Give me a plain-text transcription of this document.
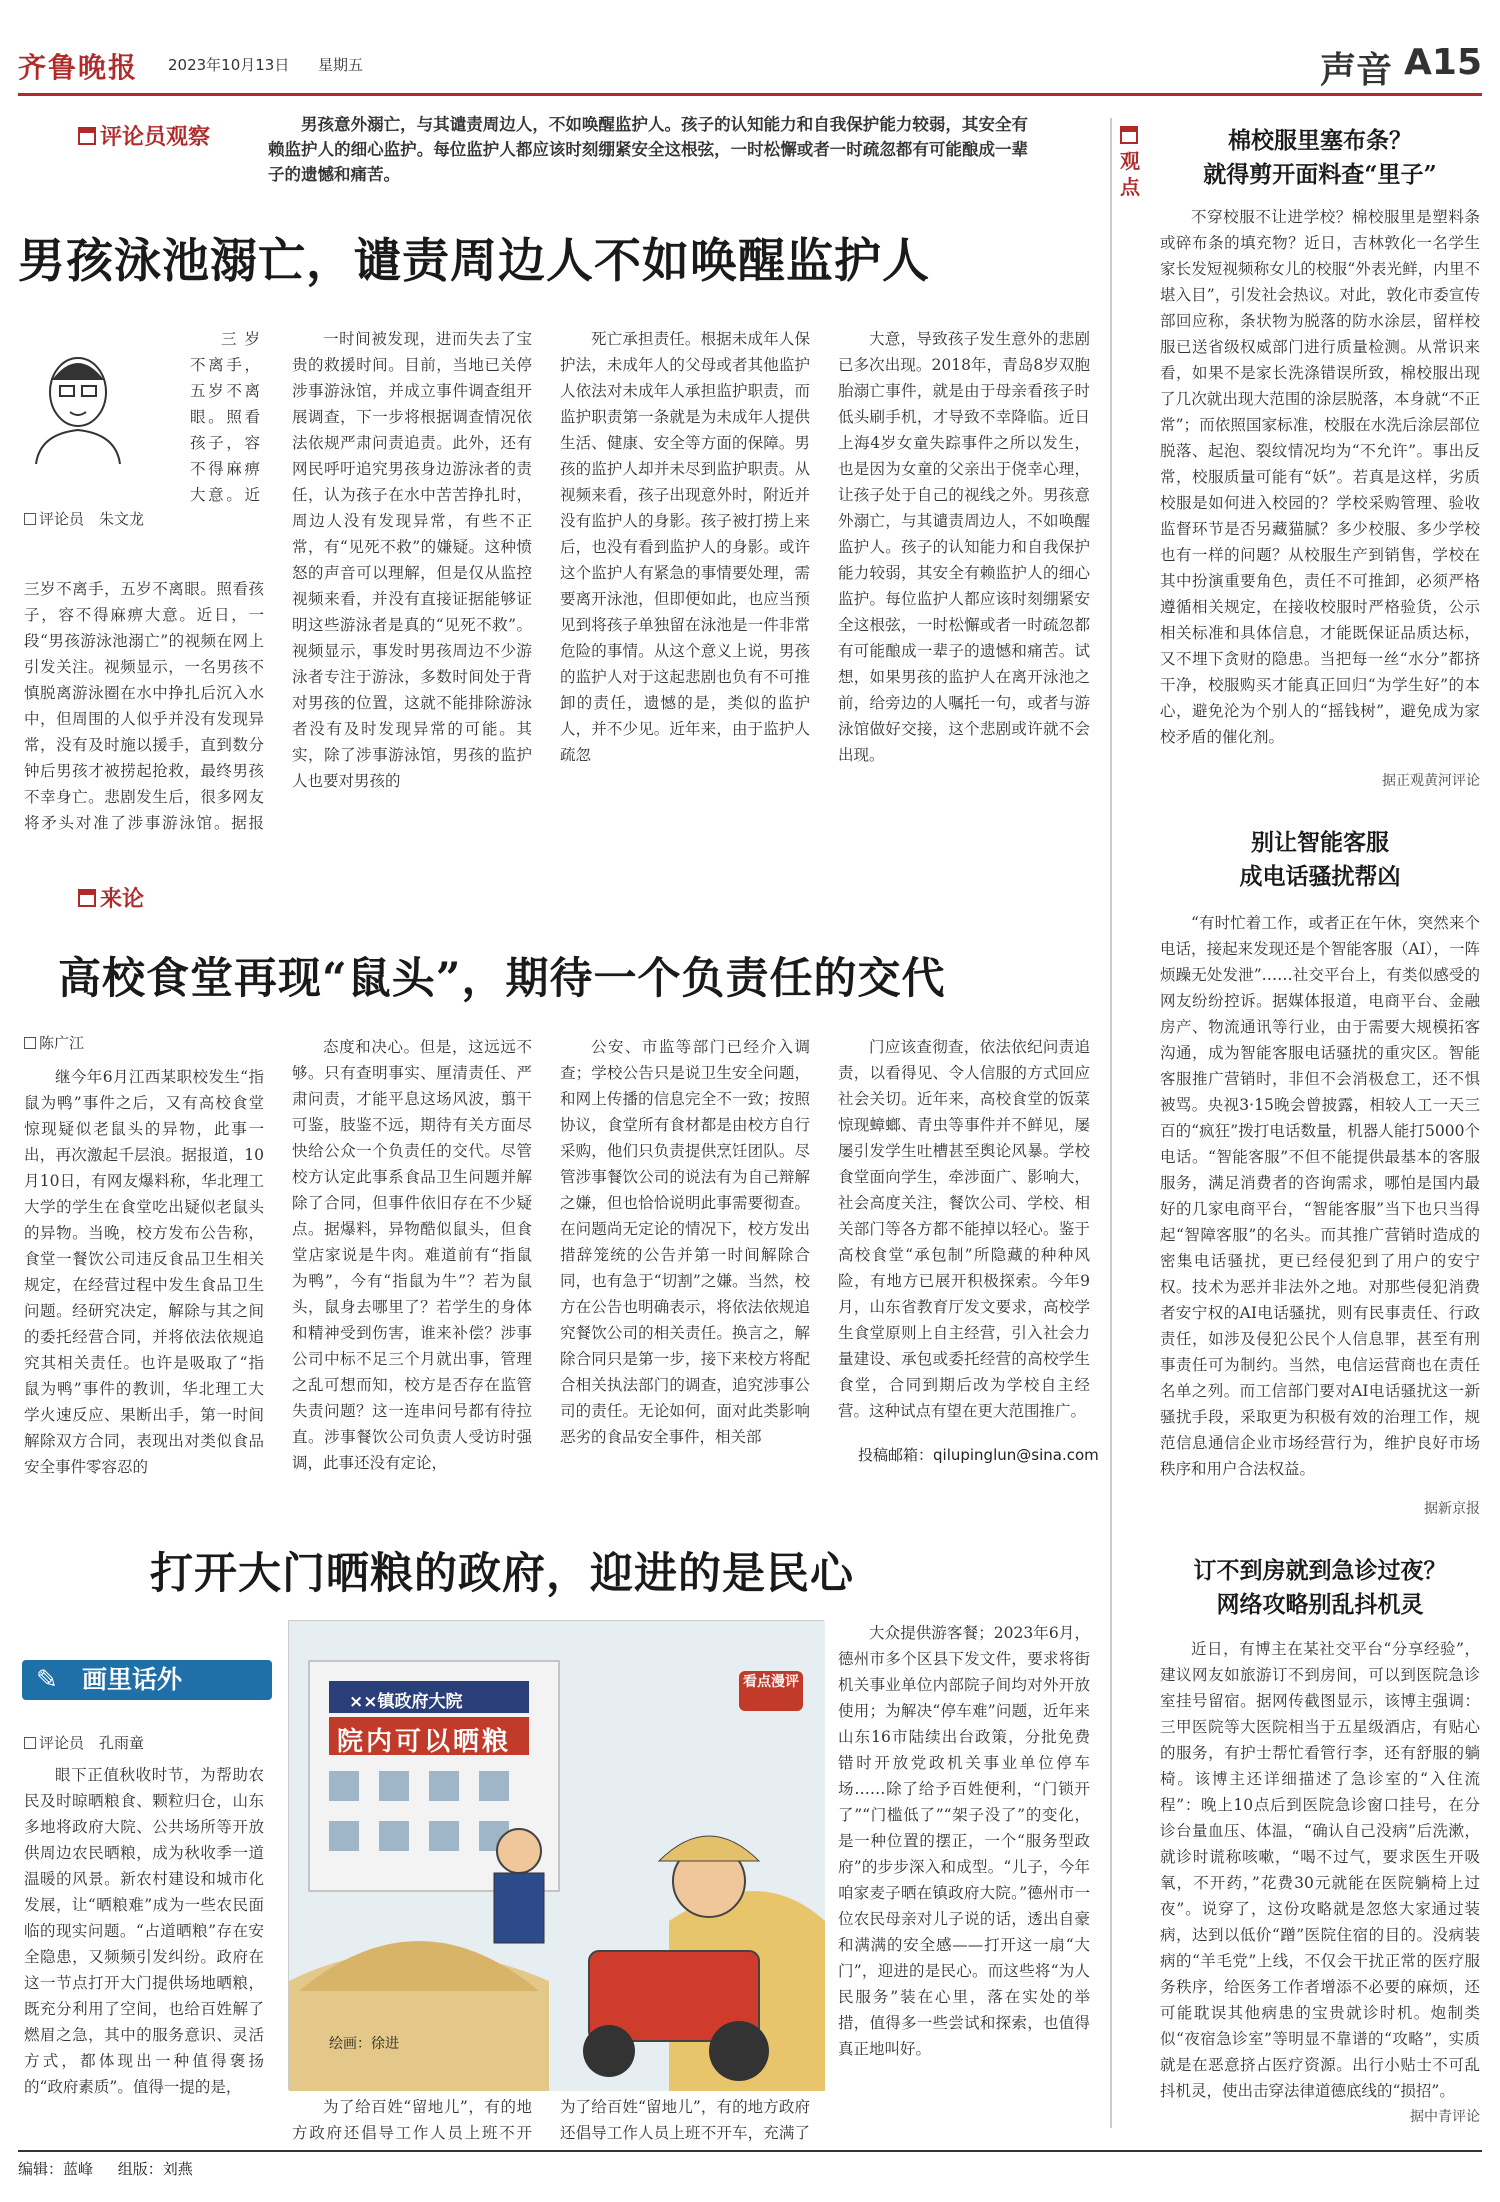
齐鲁晚报 2023年10月13日 星期五	声音 A15
评论员观察
男孩意外溺亡，与其谴责周边人，不如唤醒监护人。孩子的认知能力和自我保护能力较弱，其安全有赖监护人的细心监护。每位监护人都应该时刻绷紧安全这根弦，一时松懈或者一时疏忽都有可能酿成一辈子的遗憾和痛苦。
男孩泳池溺亡，谴责周边人不如唤醒监护人
评论员　朱文龙

三岁不离手，五岁不离眼。照看孩子，容不得麻痹大意。近

一时间被发现，进而失去了宝贵的救援时间。目前，当地已关停涉事游泳馆，并成立事件调查组开展调查，下一步将根据调查情况依法依规严肃问责追责。此外，还有网民呼吁追究男孩身边游泳者的责任，认为孩子在水中苦苦挣扎时，周边人没有发现异常，有些不正常，有“见死不救”的嫌疑。这种愤怒的声音可以理解，但是仅从监控视频来看，并没有直接证据能够证明这些游泳者是真的“见死不救”。视频显示，事发时男孩周边不少游泳者专注于游泳，多数时间处于背对男孩的位置，这就不能排除游泳者没有及时发现异常的可能。其实，除了涉事游泳馆，男孩的监护人也要对男孩的

死亡承担责任。根据未成年人保护法，未成年人的父母或者其他监护人依法对未成年人承担监护职责，而监护职责第一条就是为未成年人提供生活、健康、安全等方面的保障。男孩的监护人却并未尽到监护职责。从视频来看，孩子出现意外时，附近并没有监护人的身影。孩子被打捞上来后，也没有看到监护人的身影。或许这个监护人有紧急的事情要处理，需要离开泳池，但即便如此，也应当预见到将孩子单独留在泳池是一件非常危险的事情。从这个意义上说，男孩的监护人对于这起悲剧也负有不可推卸的责任，遗憾的是，类似的监护人，并不少见。近年来，由于监护人疏忽

大意，导致孩子发生意外的悲剧已多次出现。2018年，青岛8岁双胞胎溺亡事件，就是由于母亲看孩子时低头刷手机，才导致不幸降临。近日上海4岁女童失踪事件之所以发生，也是因为女童的父亲出于侥幸心理，让孩子处于自己的视线之外。男孩意外溺亡，与其谴责周边人，不如唤醒监护人。孩子的认知能力和自我保护能力较弱，其安全有赖监护人的细心监护。每位监护人都应该时刻绷紧安全这根弦，一时松懈或者一时疏忽都有可能酿成一辈子的遗憾和痛苦。试想，如果男孩的监护人在离开泳池之前，给旁边的人嘱托一句，或者与游泳馆做好交接，这个悲剧或许就不会出现。

三岁不离手，五岁不离眼。照看孩子，容不得麻痹大意。近日，一段“男孩游泳池溺亡”的视频在网上引发关注。视频显示，一名男孩不慎脱离游泳圈在水中挣扎后沉入水中，但周围的人似乎并没有发现异常，没有及时施以援手，直到数分钟后男孩才被捞起抢救，最终男孩不幸身亡。悲剧发生后，很多网友将矛头对准了涉事游泳馆。据报

来论
高校食堂再现“鼠头”，期待一个负责任的交代
陈广江

继今年6月江西某职校发生“指鼠为鸭”事件之后，又有高校食堂惊现疑似老鼠头的异物，此事一出，再次激起千层浪。据报道，10月10日，有网友爆料称，华北理工大学的学生在食堂吃出疑似老鼠头的异物。当晚，校方发布公告称，食堂一餐饮公司违反食品卫生相关规定，在经营过程中发生食品卫生问题。经研究决定，解除与其之间的委托经营合同，并将依法依规追究其相关责任。也许是吸取了“指鼠为鸭”事件的教训，华北理工大学火速反应、果断出手，第一时间解除双方合同，表现出对类似食品安全事件零容忍的

态度和决心。但是，这远远不够。只有查明事实、厘清责任、严肃问责，才能平息这场风波，翦干可鉴，肢鉴不远，期待有关方面尽快给公众一个负责任的交代。尽管校方认定此事系食品卫生问题并解除了合同，但事件依旧存在不少疑点。据爆料，异物酷似鼠头，但食堂店家说是牛肉。难道前有“指鼠为鸭”，今有“指鼠为牛”？若为鼠头，鼠身去哪里了？若学生的身体和精神受到伤害，谁来补偿？涉事公司中标不足三个月就出事，管理之乱可想而知，校方是否存在监管失责问题？这一连串问号都有待拉直。涉事餐饮公司负责人受访时强调，此事还没有定论，

公安、市监等部门已经介入调查；学校公告只是说卫生安全问题，和网上传播的信息完全不一致；按照协议，食堂所有食材都是由校方自行采购，他们只负责提供烹饪团队。尽管涉事餐饮公司的说法有为自己辩解之嫌，但也恰恰说明此事需要彻查。在问题尚无定论的情况下，校方发出措辞笼统的公告并第一时间解除合同，也有急于“切割”之嫌。当然，校方在公告也明确表示，将依法依规追究餐饮公司的相关责任。换言之，解除合同只是第一步，接下来校方将配合相关执法部门的调查，追究涉事公司的责任。无论如何，面对此类影响恶劣的食品安全事件，相关部

门应该查彻查，依法依纪问责追责，以看得见、令人信服的方式回应社会关切。近年来，高校食堂的饭菜惊现蟑螂、青虫等事件并不鲜见，屡屡引发学生吐槽甚至舆论风暴。学校食堂面向学生，牵涉面广、影响大，社会高度关注，餐饮公司、学校、相关部门等各方都不能掉以轻心。鉴于高校食堂“承包制”所隐藏的种种风险，有地方已展开积极探索。今年9月，山东省教育厅发文要求，高校学生食堂原则上自主经营，引入社会力量建设、承包或委托经营的高校学生食堂，合同到期后改为学校自主经营。这种试点有望在更大范围推广。

投稿邮箱：qilupinglun@sina.com
打开大门晒粮的政府，迎进的是民心
✎ 画里话外
评论员　孔雨童

眼下正值秋收时节，为帮助农民及时晾晒粮食、颗粒归仓，山东多地将政府大院、公共场所等开放供周边农民晒粮，成为秋收季一道温暖的风景。新农村建设和城市化发展，让“晒粮难”成为一些农民面临的现实问题。“占道晒粮”存在安全隐患，又频频引发纠纷。政府在这一节点打开大门提供场地晒粮，既充分利用了空间，也给百姓解了燃眉之急，其中的服务意识、灵活方式，都体现出一种值得褒扬的“政府素质”。值得一提的是，

××镇政府大院
院内可以晒粮
看点漫评
绘画：徐进

为了给百姓“留地儿”，有的地方政府还倡导工作人员上班不开

为了给百姓“留地儿”，有的地方政府还倡导工作人员上班不开车，充满了

大众提供游客餐；2023年6月，德州市多个区县下发文件，要求将街机关事业单位内部院子间均对外开放使用；为解决“停车难”问题，近年来山东16市陆续出台政策，分批免费错时开放党政机关事业单位停车场……除了给予百姓便利，“门锁开了”“门槛低了”“架子没了”的变化，是一种位置的摆正，一个“服务型政府”的步步深入和成型。“儿子，今年咱家麦子晒在镇政府大院。”德州市一位农民母亲对儿子说的话，透出自豪和满满的安全感——打开这一扇“大门”，迎进的是民心。而这些将“为人民服务”装在心里，落在实处的举措，值得多一些尝试和探索，也值得真正地叫好。

观点
棉校服里塞布条？
就得剪开面料查“里子”

不穿校服不让进学校？棉校服里是塑料条或碎布条的填充物？近日，吉林敦化一名学生家长发短视频称女儿的校服“外表光鲜，内里不堪入目”，引发社会热议。对此，敦化市委宣传部回应称，条状物为脱落的防水涂层，留样校服已送省级权威部门进行质量检测。从常识来看，如果不是家长洗涤错误所致，棉校服出现了几次就出现大范围的涂层脱落，本身就“不正常”；而依照国家标准，校服在水洗后涂层部位脱落、起泡、裂纹情况均为“不允许”。事出反常，校服质量可能有“妖”。若真是这样，劣质校服是如何进入校园的？学校采购管理、验收监督环节是否另藏猫腻？多少校服、多少学校也有一样的问题？从校服生产到销售，学校在其中扮演重要角色，责任不可推卸，必须严格遵循相关规定，在接收校服时严格验货，公示相关标准和具体信息，才能既保证品质达标，又不埋下贪财的隐患。当把每一丝“水分”都挤干净，校服购买才能真正回归“为学生好”的本心，避免沦为个别人的“摇钱树”，避免成为家校矛盾的催化剂。

据正观黄河评论
别让智能客服
成电话骚扰帮凶

“有时忙着工作，或者正在午休，突然来个电话，接起来发现还是个智能客服（AI），一阵烦躁无处发泄”……社交平台上，有类似感受的网友纷纷控诉。据媒体报道，电商平台、金融房产、物流通讯等行业，由于需要大规模拓客沟通，成为智能客服电话骚扰的重灾区。智能客服推广营销时，非但不会消极怠工，还不惧被骂。央视3·15晚会曾披露，相较人工一天三百的“疯狂”拨打电话数量，机器人能打5000个电话。“智能客服”不但不能提供最基本的客服服务，满足消费者的咨询需求，哪怕是国内最好的几家电商平台，“智能客服”当下也只当得起“智障客服”的名头。而其推广营销时造成的密集电话骚扰，更已经侵犯到了用户的安宁权。技术为恶并非法外之地。对那些侵犯消费者安宁权的AI电话骚扰，则有民事责任、行政责任，如涉及侵犯公民个人信息罪，甚至有刑事责任可为制约。当然，电信运营商也在责任名单之列。而工信部门要对AI电话骚扰这一新骚扰手段，采取更为积极有效的治理工作，规范信息通信企业市场经营行为，维护良好市场秩序和用户合法权益。

据新京报
订不到房就到急诊过夜？
网络攻略别乱抖机灵

近日，有博主在某社交平台“分享经验”，建议网友如旅游订不到房间，可以到医院急诊室挂号留宿。据网传截图显示，该博主强调：三甲医院等大医院相当于五星级酒店，有贴心的服务，有护士帮忙看管行李，还有舒服的躺椅。该博主还详细描述了急诊室的“入住流程”：晚上10点后到医院急诊窗口挂号，在分诊台量血压、体温，“确认自己没病”后洗漱，就诊时谎称咳嗽，“喝不过气，要求医生开吸氧，不开药，”花费30元就能在医院躺椅上过夜”。说穿了，这份攻略就是忽悠大家通过装病，达到以低价“蹭”医院住宿的目的。没病装病的“羊毛党”上线，不仅会干扰正常的医疗服务秩序，给医务工作者增添不必要的麻烦，还可能耽误其他病患的宝贵就诊时机。炮制类似“夜宿急诊室”等明显不靠谱的“攻略”，实质就是在恶意挤占医疗资源。出行小贴士不可乱抖机灵，使出击穿法律道德底线的“损招”。

据中青评论
编辑：蓝峰 组版：刘燕
